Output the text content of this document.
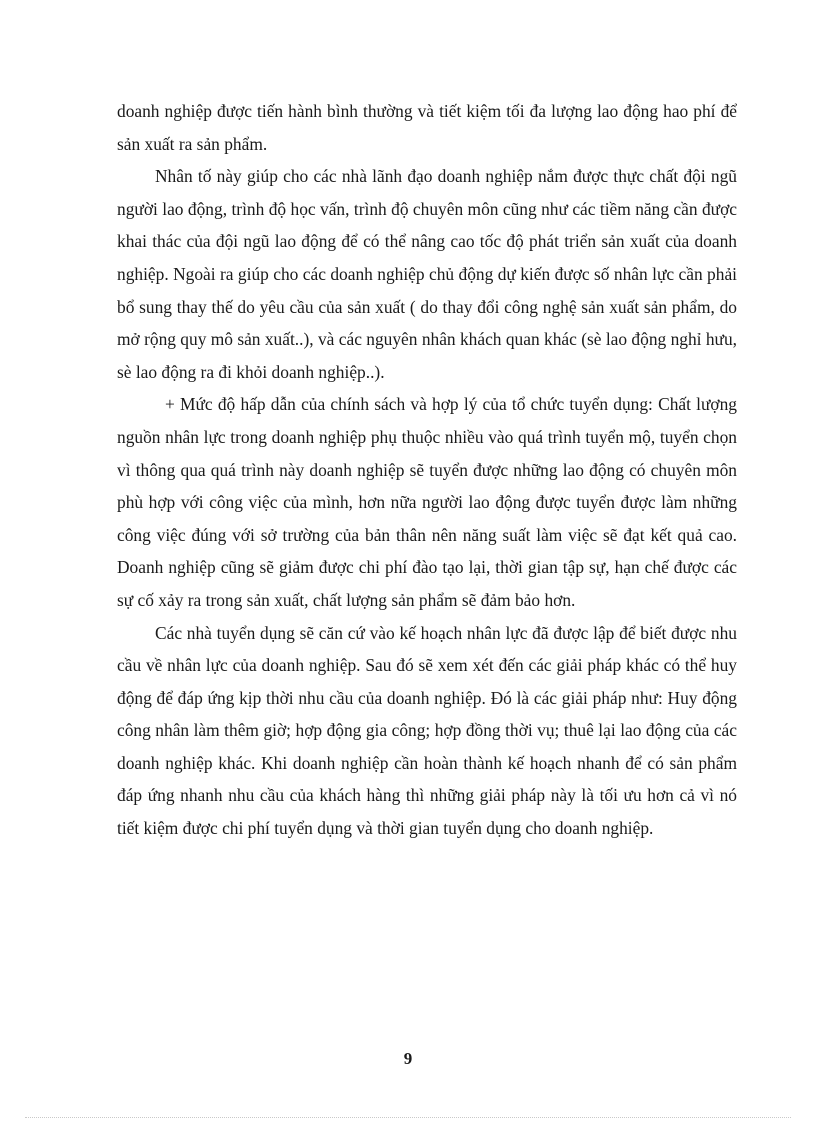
doanh nghiệp được tiến hành bình thường và tiết kiệm tối đa lượng lao động hao phí để sản xuất ra sản phẩm.

Nhân tố này giúp cho các nhà lãnh đạo doanh nghiệp nắm được thực chất đội ngũ người lao động, trình độ học vấn, trình độ chuyên môn cũng như các tiềm năng cần được khai thác của đội ngũ lao động để có thể nâng cao tốc độ phát triển sản xuất của doanh nghiệp. Ngoài ra giúp cho các doanh nghiệp chủ động dự kiến được số nhân lực cần phải bổ sung thay thế do yêu cầu của sản xuất ( do thay đổi công nghệ sản xuất sản phẩm, do mở rộng quy mô sản xuất..), và các nguyên nhân khách quan khác (sè lao động nghỉ hưu, sè lao động ra đi khỏi doanh nghiệp..).

+ Mức độ hấp dẫn của chính sách và hợp lý của tổ chức tuyển dụng: Chất lượng nguồn nhân lực trong doanh nghiệp phụ thuộc nhiều vào quá trình tuyển mộ, tuyển chọn vì thông qua quá trình này doanh nghiệp sẽ tuyển được những lao động có chuyên môn phù hợp với công việc của mình, hơn nữa người lao động được tuyển được làm những công việc đúng với sở trường của bản thân nên năng suất làm việc sẽ đạt kết quả cao. Doanh nghiệp cũng sẽ giảm được chi phí đào tạo lại, thời gian tập sự, hạn chế được các sự cố xảy ra trong sản xuất, chất lượng sản phẩm sẽ đảm bảo hơn.

Các nhà tuyển dụng sẽ căn cứ vào kế hoạch nhân lực đã được lập để biết được nhu cầu về nhân lực của doanh nghiệp. Sau đó sẽ xem xét đến các giải pháp khác có thể huy động để đáp ứng kịp thời nhu cầu của doanh nghiệp. Đó là các giải pháp như: Huy động công nhân làm thêm giờ; hợp động gia công; hợp đồng thời vụ; thuê lại lao động của các doanh nghiệp khác. Khi doanh nghiệp cần hoàn thành kế hoạch nhanh để có sản phẩm đáp ứng nhanh nhu cầu của khách hàng thì những giải pháp này là tối ưu hơn cả vì nó tiết kiệm được chi phí tuyển dụng và thời gian tuyển dụng cho doanh nghiệp.

9
